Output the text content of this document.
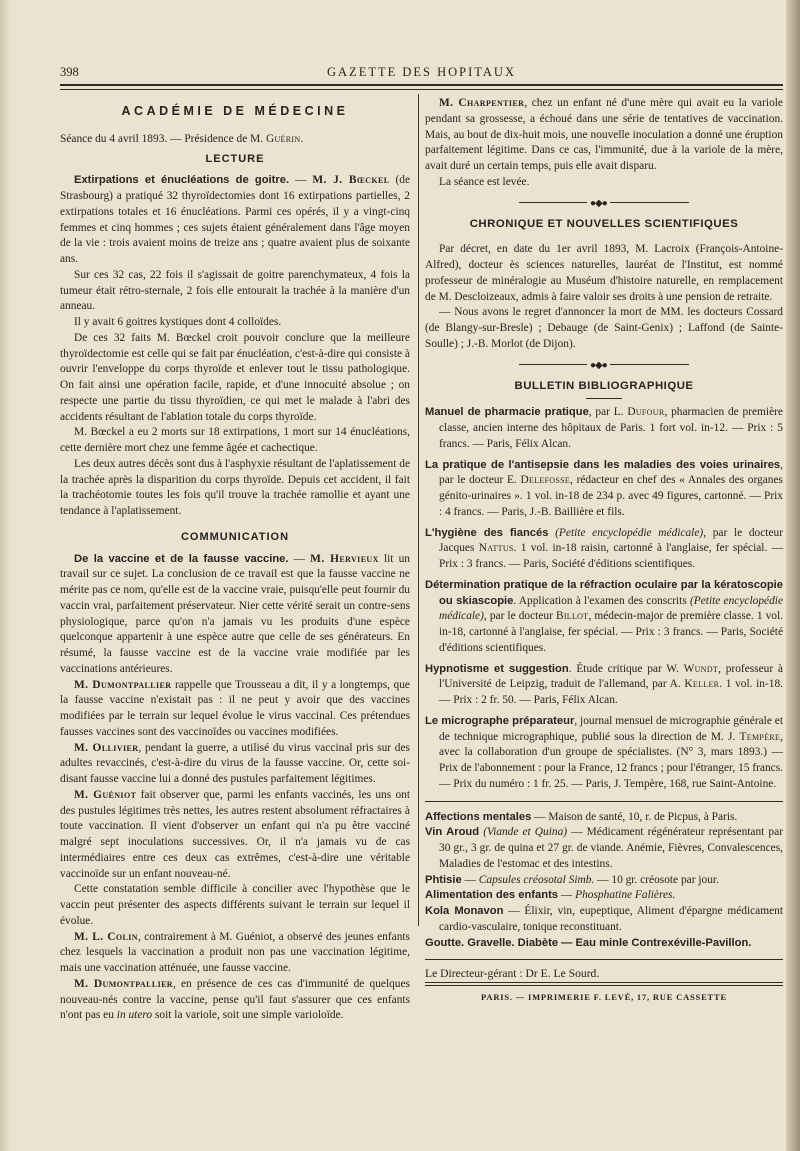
398	GAZETTE DES HOPITAUX
ACADÉMIE DE MÉDECINE

Séance du 4 avril 1893. — Présidence de M. Guérin.

LECTURE

Extirpations et énucléations de goitre. — M. J. Bœckel (de Strasbourg) a pratiqué 32 thyroïdectomies dont 16 extirpations partielles, 2 extirpations totales et 16 énucléations. Parmi ces opérés, il y a vingt-cinq femmes et cinq hommes ; ces sujets étaient généralement dans l'âge moyen de la vie : trois avaient moins de treize ans ; quatre avaient plus de soixante ans.

Sur ces 32 cas, 22 fois il s'agissait de goitre parenchymateux, 4 fois la tumeur était rétro-sternale, 2 fois elle entourait la trachée à la manière d'un anneau.

Il y avait 6 goitres kystiques dont 4 colloïdes.

De ces 32 faits M. Bœckel croit pouvoir conclure que la meilleure thyroïdectomie est celle qui se fait par énucléation, c'est-à-dire qui consiste à ouvrir l'enveloppe du corps thyroïde et enlever tout le tissu pathologique. On fait ainsi une opération facile, rapide, et d'une innocuité absolue ; on respecte une partie du tissu thyroïdien, ce qui met le malade à l'abri des accidents résultant de l'ablation totale du corps thyroïde.

M. Bœckel a eu 2 morts sur 18 extirpations, 1 mort sur 14 énucléations, cette dernière mort chez une femme âgée et cachectique.

Les deux autres décès sont dus à l'asphyxie résultant de l'aplatissement de la trachée après la disparition du corps thyroïde. Depuis cet accident, il fait la trachéotomie toutes les fois qu'il trouve la trachée ramollie et ayant une tendance à l'aplatissement.

COMMUNICATION

De la vaccine et de la fausse vaccine. — M. Hervieux lit un travail sur ce sujet. La conclusion de ce travail est que la fausse vaccine ne mérite pas ce nom, qu'elle est de la vaccine vraie, puisqu'elle peut fournir du vaccin vrai, parfaitement préservateur. Nier cette vérité serait un contre-sens physiologique, parce qu'on n'a jamais vu les produits d'une espèce quelconque appartenir à une espèce autre que celle de ses générateurs. En résumé, la fausse vaccine est de la vaccine vraie modifiée par les vaccinations antérieures.

M. Dumontpallier rappelle que Trousseau a dit, il y a longtemps, que la fausse vaccine n'existait pas : il ne peut y avoir que des vaccines modifiées par le terrain sur lequel évolue le virus vaccinal. Ces prétendues fausses vaccines sont des vaccinoïdes ou vaccines modifiées.

M. Ollivier, pendant la guerre, a utilisé du virus vaccinal pris sur des adultes revaccinés, c'est-à-dire du virus de la fausse vaccine. Or, cette soi-disant fausse vaccine lui a donné des pustules parfaitement légitimes.

M. Guéniot fait observer que, parmi les enfants vaccinés, les uns ont des pustules légitimes très nettes, les autres restent absolument réfractaires à toute vaccination. Il vient d'observer un enfant qui n'a pu être vacciné malgré sept inoculations successives. Or, il n'a jamais vu de cas intermédiaires entre ces deux cas extrêmes, c'est-à-dire une véritable vaccinoïde sur un enfant nouveau-né.

Cette constatation semble difficile à concilier avec l'hypothèse que le vaccin peut présenter des aspects différents suivant le terrain sur lequel il évolue.

M. L. Colin, contrairement à M. Guéniot, a observé des jeunes enfants chez lesquels la vaccination a produit non pas une vaccination légitime, mais une vaccination atténuée, une fausse vaccine.

M. Dumontpallier, en présence de ces cas d'immunité de quelques nouveau-nés contre la vaccine, pense qu'il faut s'assurer que ces enfants n'ont pas eu in utero soit la variole, soit une simple varioloïde.

M. Charpentier, chez un enfant né d'une mère qui avait eu la variole pendant sa grossesse, a échoué dans une série de tentatives de vaccination. Mais, au bout de dix-huit mois, une nouvelle inoculation a donné une éruption parfaitement légitime. Dans ce cas, l'immunité, due à la variole de la mère, avait duré un certain temps, puis elle avait disparu.

La séance est levée.

●◆●
CHRONIQUE ET NOUVELLES SCIENTIFIQUES

Par décret, en date du 1er avril 1893, M. Lacroix (François-Antoine-Alfred), docteur ès sciences naturelles, lauréat de l'Institut, est nommé professeur de minéralogie au Muséum d'histoire naturelle, en remplacement de M. Descloizeaux, admis à faire valoir ses droits à une pension de retraite.

— Nous avons le regret d'annoncer la mort de MM. les docteurs Cossard (de Blangy-sur-Bresle) ; Debauge (de Saint-Genix) ; Laffond (de Sainte-Soulle) ; J.-B. Morlot (de Dijon).

●◆●
BULLETIN BIBLIOGRAPHIQUE

Manuel de pharmacie pratique, par L. Dufour, pharmacien de première classe, ancien interne des hôpitaux de Paris. 1 fort vol. in-12. — Prix : 5 francs. — Paris, Félix Alcan.

La pratique de l'antisepsie dans les maladies des voies urinaires, par le docteur E. Delefosse, rédacteur en chef des « Annales des organes génito-urinaires ». 1 vol. in-18 de 234 p. avec 49 figures, cartonné. — Prix : 4 francs. — Paris, J.-B. Baillière et fils.

L'hygiène des fiancés (Petite encyclopédie médicale), par le docteur Jacques Nattus. 1 vol. in-18 raisin, cartonné à l'anglaise, fer spécial. — Prix : 3 francs. — Paris, Société d'éditions scientifiques.

Détermination pratique de la réfraction oculaire par la kératoscopie ou skiascopie. Application à l'examen des conscrits (Petite encyclopédie médicale), par le docteur Billot, médecin-major de première classe. 1 vol. in-18, cartonné à l'anglaise, fer spécial. — Prix : 3 francs. — Paris, Société d'éditions scientifiques.

Hypnotisme et suggestion. Étude critique par W. Wundt, professeur à l'Université de Leipzig, traduit de l'allemand, par A. Keller. 1 vol. in-18. — Prix : 2 fr. 50. — Paris, Félix Alcan.

Le micrographe préparateur, journal mensuel de micrographie générale et de technique micrographique, publié sous la direction de M. J. Tempère, avec la collaboration d'un groupe de spécialistes. (N° 3, mars 1893.) — Prix de l'abonnement : pour la France, 12 francs ; pour l'étranger, 15 francs. — Prix du numéro : 1 fr. 25. — Paris, J. Tempère, 168, rue Saint-Antoine.

Affections mentales — Maison de santé, 10, r. de Picpus, à Paris.

Vin Aroud (Viande et Quina) — Médicament régénérateur représentant par 30 gr., 3 gr. de quina et 27 gr. de viande. Anémie, Fièvres, Convalescences, Maladies de l'estomac et des intestins.

Phtisie — Capsules créosotal Simb. — 10 gr. créosote par jour.

Alimentation des enfants — Phosphatine Falières.

Kola Monavon — Élixir, vin, eupeptique, Aliment d'épargne médicament cardio-vasculaire, tonique reconstituant.

Goutte. Gravelle. Diabète — Eau minle Contrexéville-Pavillon.

Le Directeur-gérant : Dr E. Le Sourd.

PARIS. — IMPRIMERIE F. LEVÉ, 17, RUE CASSETTE
